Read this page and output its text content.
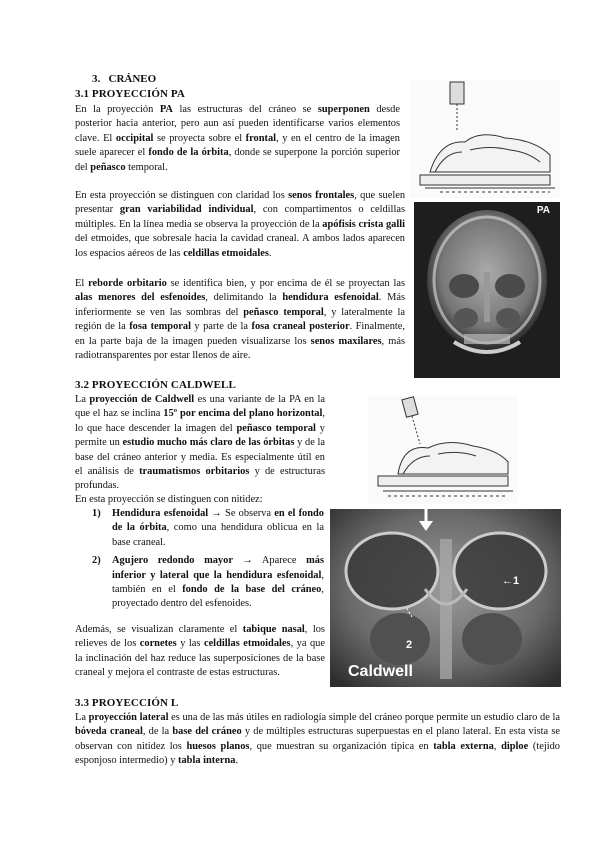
3. CRÁNEO
3.1 PROYECCIÓN PA
En la proyección PA las estructuras del cráneo se superponen desde posterior hacia anterior, pero aun así pueden identificarse varios elementos clave. El occipital se proyecta sobre el frontal, y en el centro de la imagen suele aparecer el fondo de la órbita, donde se superpone la porción superior del peñasco temporal.
En esta proyección se distinguen con claridad los senos frontales, que suelen presentar gran variabilidad individual, con compartimentos o celdillas múltiples. En la línea media se observa la proyección de la apófisis crista galli del etmoides, que sobresale hacia la cavidad craneal. A ambos lados aparecen los espacios aéreos de las celdillas etmoidales.
El reborde orbitario se identifica bien, y por encima de él se proyectan las alas menores del esfenoides, delimitando la hendidura esfenoidal. Más inferiormente se ven las sombras del peñasco temporal, y lateralmente la región de la fosa temporal y parte de la fosa craneal posterior. Finalmente, en la parte baja de la imagen pueden visualizarse los senos maxilares, más radiotransparentes por estar llenos de aire.
PA
3.2 PROYECCIÓN CALDWELL
La proyección de Caldwell es una variante de la PA en la que el haz se inclina 15º por encima del plano horizontal, lo que hace descender la imagen del peñasco temporal y permite un estudio mucho más claro de las órbitas y de la base del cráneo anterior y media. Es especialmente útil en el análisis de traumatismos orbitarios y de estructuras profundas.
En esta proyección se distinguen con nitidez:
1) Hendidura esfenoidal → Se observa en el fondo de la órbita, como una hendidura oblicua en la base craneal.
2) Agujero redondo mayor → Aparece más inferior y lateral que la hendidura esfenoidal, también en el fondo de la base del cráneo, proyectado dentro del esfenoides.
Además, se visualizan claramente el tabique nasal, los relieves de los cornetes y las celdillas etmoidales, ya que la inclinación del haz reduce las superposiciones de la base craneal y mejora el contraste de estas estructuras.
←1
2
Caldwell
3.3 PROYECCIÓN L
La proyección lateral es una de las más útiles en radiología simple del cráneo porque permite un estudio claro de la bóveda craneal, de la base del cráneo y de múltiples estructuras superpuestas en el plano lateral. En esta vista se observan con nitidez los huesos planos, que muestran su organización típica en tabla externa, diploe (tejido esponjoso intermedio) y tabla interna.
